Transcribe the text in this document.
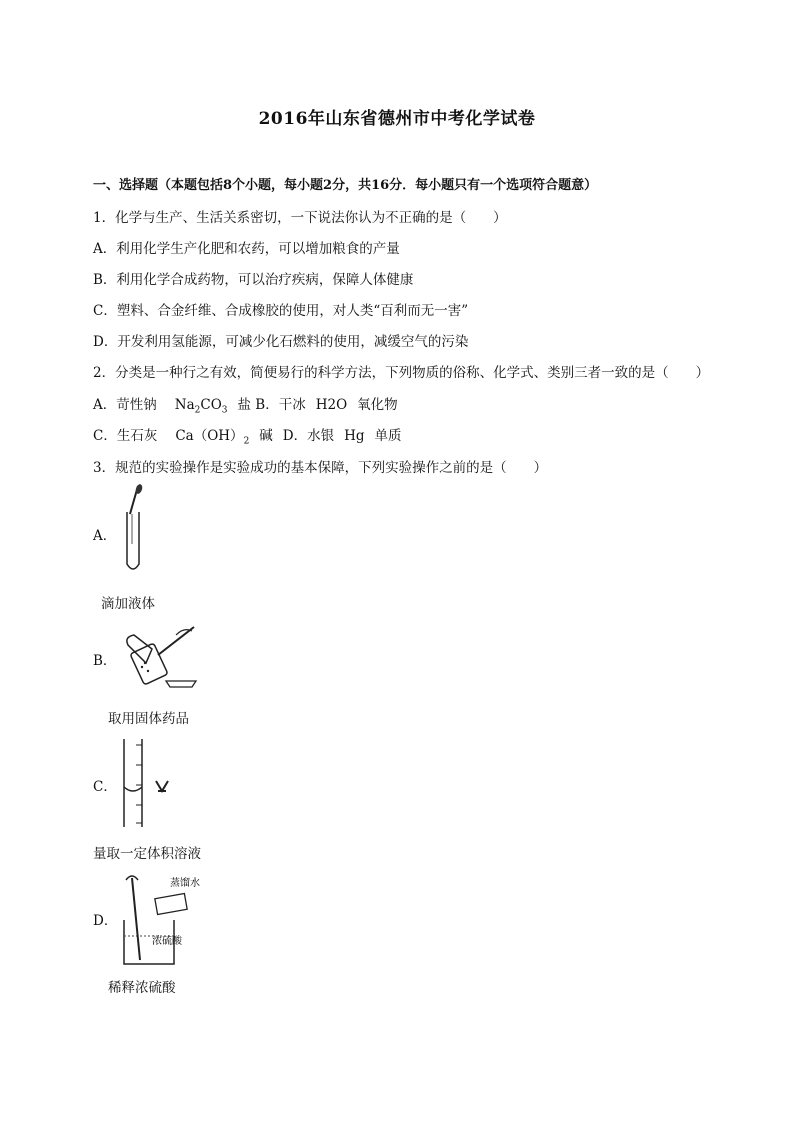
2016年山东省德州市中考化学试卷
一、选择题（本题包括8个小题，每小题2分，共16分．每小题只有一个选项符合题意）
1．化学与生产、生活关系密切，一下说法你认为不正确的是（　　）
A．利用化学生产化肥和农药，可以增加粮食的产量
B．利用化学合成药物，可以治疗疾病，保障人体健康
C．塑料、合金纤维、合成橡胶的使用，对人类“百利而无一害”
D．开发利用氢能源，可减少化石燃料的使用，减缓空气的污染
2．分类是一种行之有效，简便易行的科学方法，下列物质的俗称、化学式、类别三者一致的是（　　）
A．苛性钠 $Na_2CO_3$ 盐 B．干冰 H2O 氧化物
C．生石灰 $Ca(OH)_2$ 碱 D．水银 Hg 单质
3．规范的实验操作是实验成功的基本保障，下列实验操作之前的是（　　）
A．
滴加液体
B．
取用固体药品
C．
量取一定体积溶液
D．
蒸馏水
浓硫酸
稀释浓硫酸
